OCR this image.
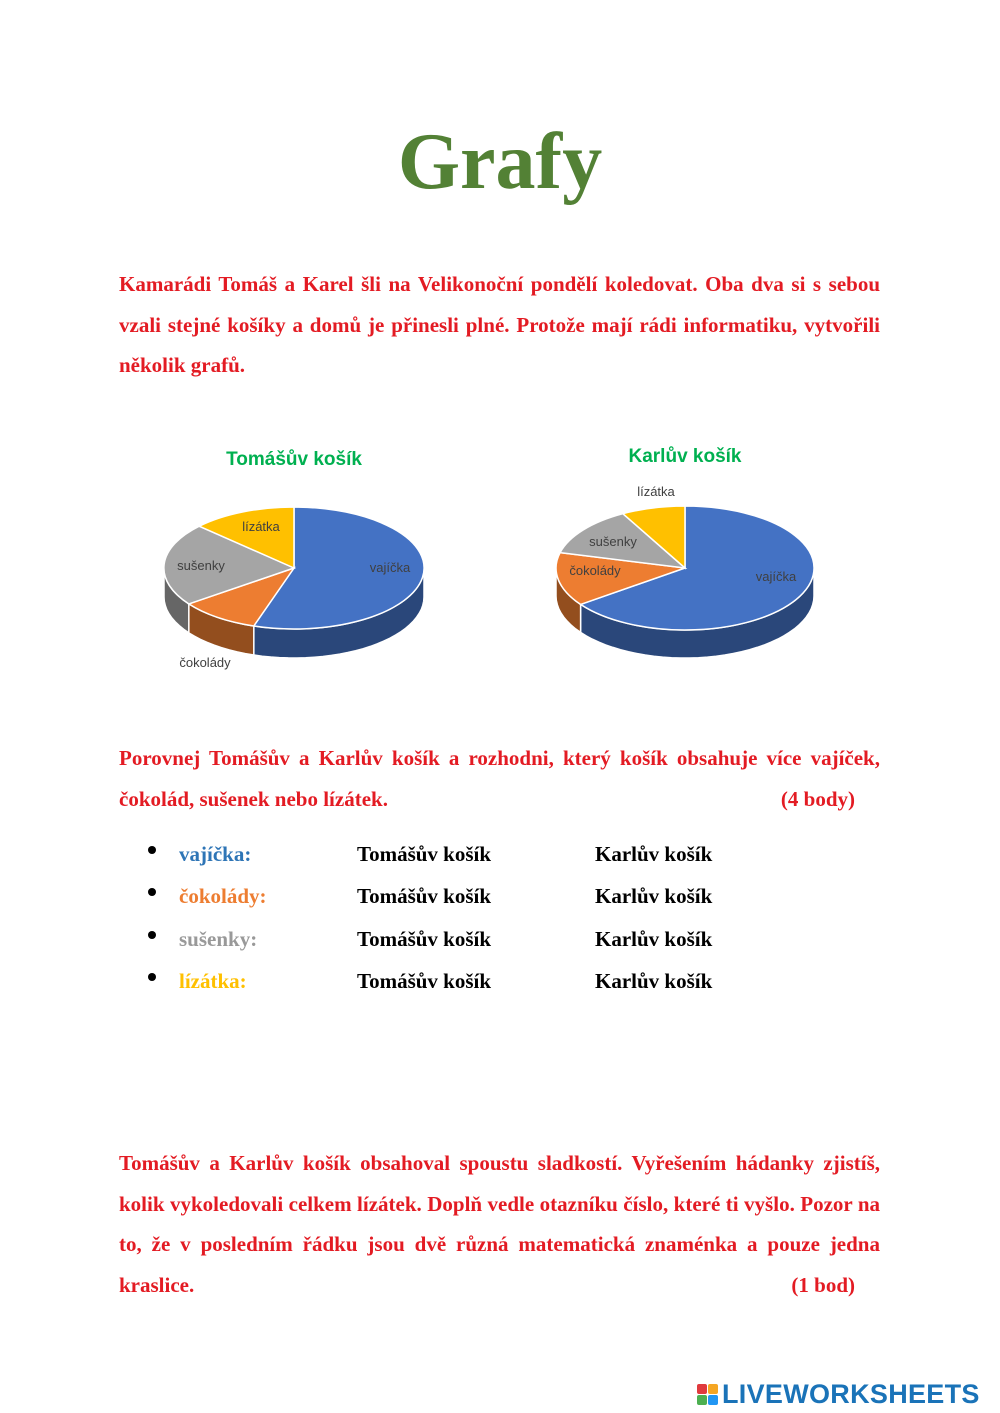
Grafy

Kamarádi Tomáš a Karel šli na Velikonoční pondělí koledovat. Oba dva si s sebou vzali stejné košíky a domů je přinesli plné. Protože mají rádi informatiku, vytvořili několik grafů.

Tomášův košík
vajíčka
čokolády
sušenky
lízátka
Karlův košík
vajíčka
čokolády
sušenky
lízátka

Porovnej Tomášův a Karlův košík a rozhodni, který košík obsahuje více vajíček, čokolád, sušenek nebo lízátek.	(4 body)

vajíčka:	Tomášův košík	Karlův košík
čokolády:	Tomášův košík	Karlův košík
sušenky:	Tomášův košík	Karlův košík
lízátka:	Tomášův košík	Karlův košík

Tomášův a Karlův košík obsahoval spoustu sladkostí. Vyřešením hádanky zjistíš, kolik vykoledovali celkem lízátek. Doplň vedle otazníku číslo, které ti vyšlo. Pozor na to, že v posledním řádku jsou dvě různá matematická znaménka a pouze jedna kraslice.	(1 bod)

LIVEWORKSHEETS
